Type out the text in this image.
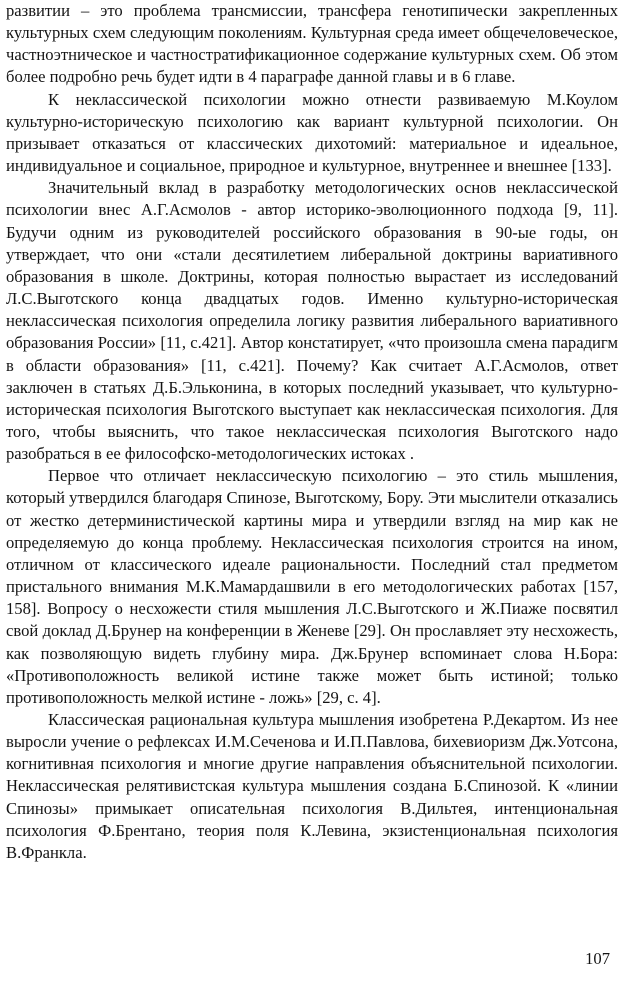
развитии – это проблема трансмиссии, трансфера генотипически закрепленных культурных схем следующим поколениям. Культурная среда имеет общечеловеческое, частноэтническое и частностратификационное содержание культурных схем. Об этом более подробно речь будет идти в 4 параграфе данной главы и в 6 главе.

К неклассической психологии можно отнести развиваемую М.Коулом культурно-историческую психологию как вариант культурной психологии. Он призывает отказаться от классических дихотомий: материальное и идеальное, индивидуальное и социальное, природное и культурное, внутреннее и внешнее [133].

Значительный вклад в разработку методологических основ неклассической психологии внес А.Г.Асмолов - автор историко-эволюционного подхода [9, 11]. Будучи одним из руководителей российского образования в 90-ые годы, он утверждает, что они «стали десятилетием либеральной доктрины вариативного образования в школе. Доктрины, которая полностью вырастает из исследований Л.С.Выготского конца двадцатых годов. Именно культурно-историческая неклассическая психология определила логику развития либерального вариативного образования России» [11, с.421]. Автор констатирует, «что произошла смена парадигм в области образования» [11, с.421]. Почему? Как считает А.Г.Асмолов, ответ заключен в статьях Д.Б.Эльконина, в которых последний указывает, что культурно-историческая психология Выготского выступает как неклассическая психология. Для того, чтобы выяснить, что такое неклассическая психология Выготского надо разобраться в ее философско-методологических истоках .

Первое что отличает неклассическую психологию – это стиль мышления, который утвердился благодаря Спинозе, Выготскому, Бору. Эти мыслители отказались от жестко детерминистической картины мира и утвердили взгляд на мир как не определяемую до конца проблему. Неклассическая психология строится на ином, отличном от классического идеале рациональности. Последний стал предметом пристального внимания М.К.Мамардашвили в его методологических работах [157, 158]. Вопросу о несхожести стиля мышления Л.С.Выготского и Ж.Пиаже посвятил свой доклад Д.Брунер на конференции в Женеве [29]. Он прославляет эту несхожесть, как позволяющую видеть глубину мира. Дж.Брунер вспоминает слова Н.Бора: «Противоположность великой истине также может быть истиной; только противоположность мелкой истине - ложь» [29, с. 4].

Классическая рациональная культура мышления изобретена Р.Декартом. Из нее выросли учение о рефлексах И.М.Сеченова и И.П.Павлова, бихевиоризм Дж.Уотсона, когнитивная психология и многие другие направления объяснительной психологии. Неклассическая релятивистская культура мышления создана Б.Спинозой. К «линии Спинозы» примыкает описательная психология В.Дильтея, интенциональная психология Ф.Брентано, теория поля К.Левина, экзистенциональная психология В.Франкла.

107
